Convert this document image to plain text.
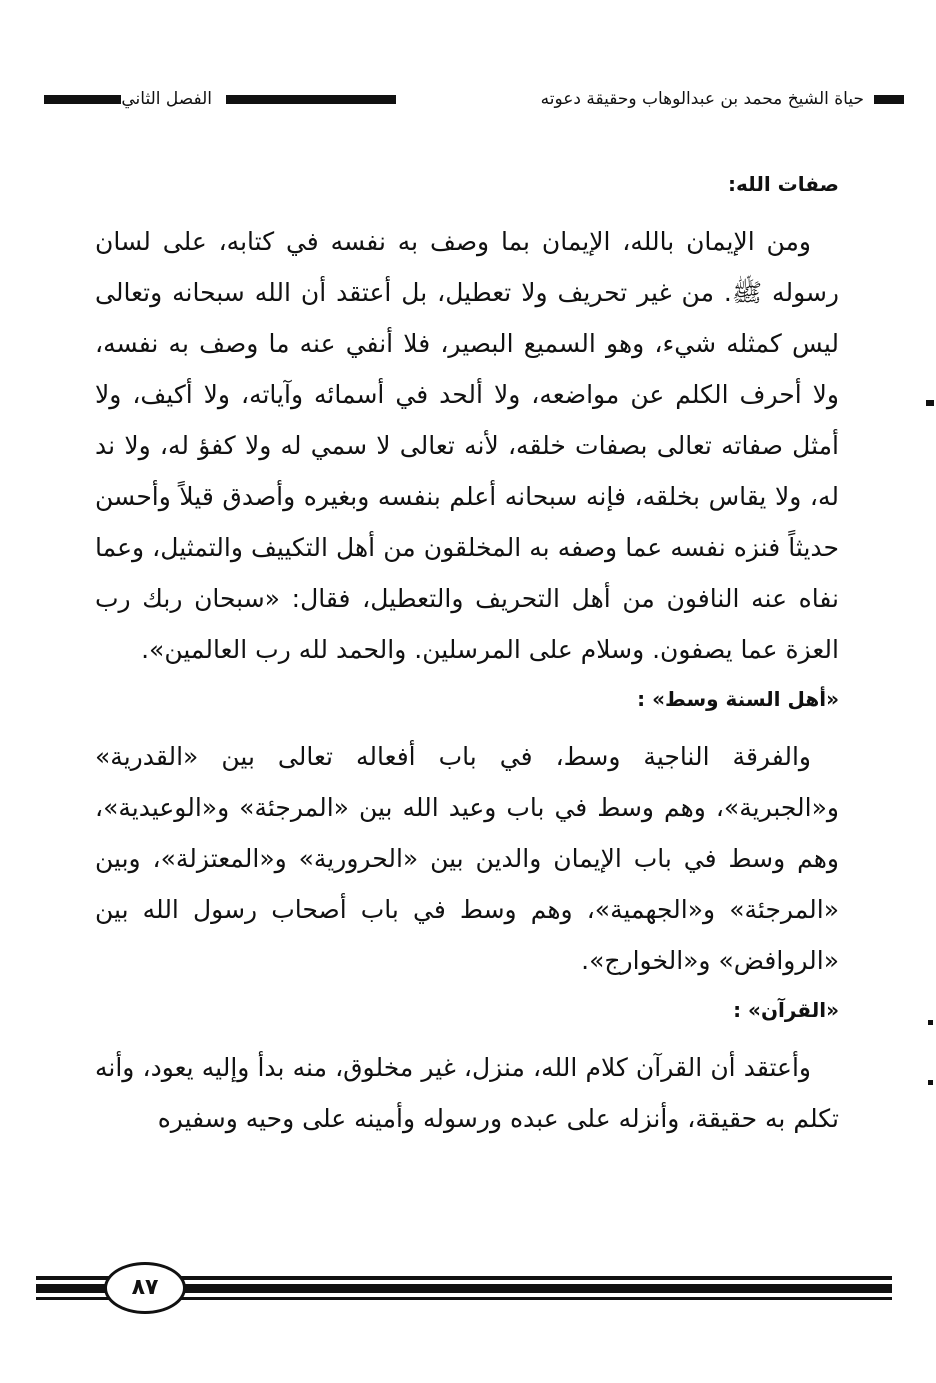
حياة الشيخ محمد بن عبدالوهاب وحقيقة دعوته
الفصل الثاني
صفات الله:

ومن الإيمان بالله، الإيمان بما وصف به نفسه في كتابه، على لسان رسوله ﷺ. من غير تحريف ولا تعطيل، بل أعتقد أن الله سبحانه وتعالى ليس كمثله شيء، وهو السميع البصير، فلا أنفي عنه ما وصف به نفسه، ولا أحرف الكلم عن مواضعه، ولا ألحد في أسمائه وآياته، ولا أكيف، ولا أمثل صفاته تعالى بصفات خلقه، لأنه تعالى لا سمي له ولا كفؤ له، ولا ند له، ولا يقاس بخلقه، فإنه سبحانه أعلم بنفسه وبغيره وأصدق قيلاً وأحسن حديثاً فنزه نفسه عما وصفه به المخلقون من أهل التكييف والتمثيل، وعما نفاه عنه النافون من أهل التحريف والتعطيل، فقال: «سبحان ربك رب العزة عما يصفون. وسلام على المرسلين. والحمد لله رب العالمين».

«أهل السنة وسط» :

والفرقة الناجية وسط، في باب أفعاله تعالى بين «القدرية» و«الجبرية»، وهم وسط في باب وعيد الله بين «المرجئة» و«الوعيدية»، وهم وسط في باب الإيمان والدين بين «الحرورية» و«المعتزلة»، وبين «المرجئة» و«الجهمية»، وهم وسط في باب أصحاب رسول الله بين «الروافض» و«الخوارج».

«القرآن» :

وأعتقد أن القرآن كلام الله، منزل، غير مخلوق، منه بدأ وإليه يعود، وأنه تكلم به حقيقة، وأنزله على عبده ورسوله وأمينه على وحيه وسفيره

٨٧
